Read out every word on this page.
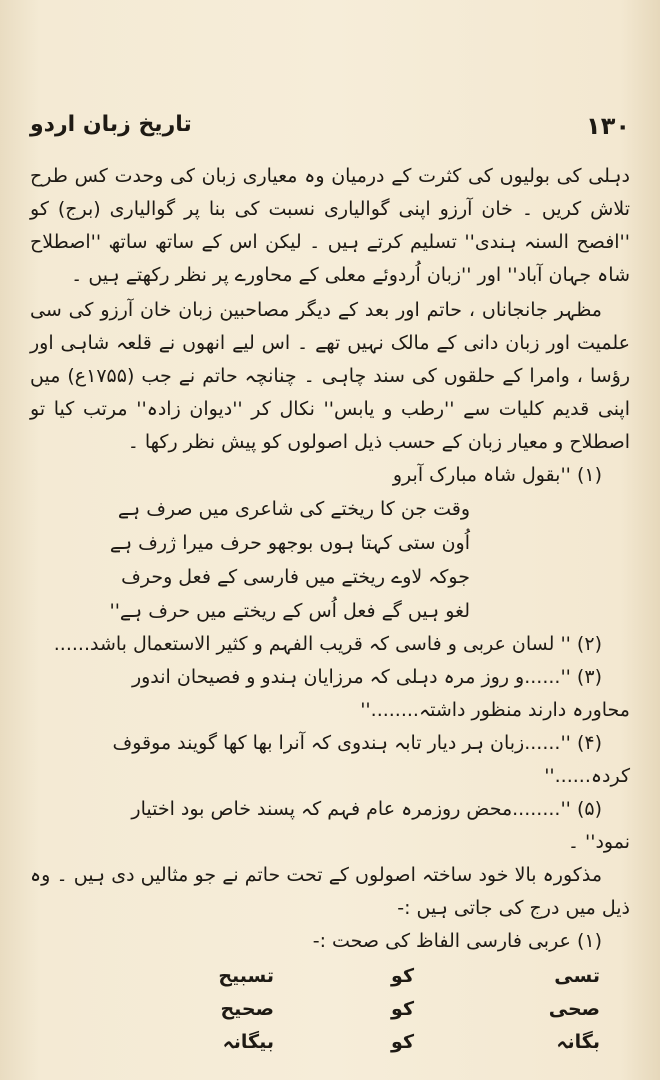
تاریخ زبان اردو	۱۳۰

دہلی کی بولیوں کی کثرت کے درمیان وہ معیاری زبان کی وحدت کس طرح تلاش کریں ۔ خان آرزو اپنی گوالیاری نسبت کی بنا پر گوالیاری (برج) کو ''افصح السنہ ہندی'' تسلیم کرتے ہیں ۔ لیکن اس کے ساتھ ساتھ ''اصطلاح شاہ جہان آباد'' اور ''زبان اُردوئے معلی کے محاورے پر نظر رکھتے ہیں ۔

مظہر جانجاناں ، حاتم اور بعد کے دیگر مصاحبین زبان خان آرزو کی سی علمیت اور زبان دانی کے مالک نہیں تھے ۔ اس لیے انھوں نے قلعہ شاہی اور رؤسا ، وامرا کے حلقوں کی سند چاہی ۔ چنانچہ حاتم نے جب (۱۷۵۵ع) میں اپنی قدیم کلیات سے ''رطب و یابس'' نکال کر ''دیوان زادہ'' مرتب کیا تو اصطلاح و معیار زبان کے حسب ذیل اصولوں کو پیش نظر رکھا ۔

(۱) ''بقول شاہ مبارک آبرو

وقت جن کا ریختے کی شاعری میں صرف ہے

اُون ستی کہتا ہوں بوجھو حرف میرا ژرف ہے

جوکہ لاوے ریختے میں فارسی کے فعل وحرف

لغو ہیں گے فعل اُس کے ریختے میں حرف ہے''

(۲) '' لسان عربی و فاسی کہ قریب الفہم و کثیر الاستعمال باشد......

(۳) ''......و روز مرہ دہلی کہ مرزایان ہندو و فصیحان اندور

محاورہ دارند منظور داشتہ........''

(۴) ''......زبان ہر دیار تابہ ہندوی کہ آنرا بھا کھا گویند موقوف

کردہ......''

(۵) ''........محض روزمرہ عام فہم کہ پسند خاص بود اختیار

نمود'' ۔

مذکورہ بالا خود ساختہ اصولوں کے تحت حاتم نے جو مثالیں دی ہیں ۔ وہ ذیل میں درج کی جاتی ہیں :-

(۱) عربی فارسی الفاظ کی صحت :-

تسی	کو	تسبیح
صحی	کو	صحیح
بگانہ	کو	بیگانہ
